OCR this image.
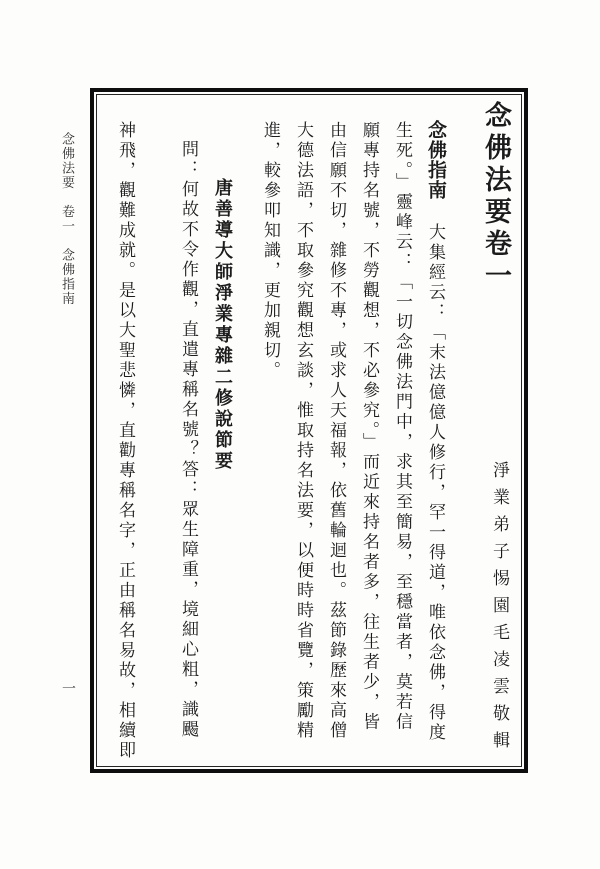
念佛法要　卷一　念佛指南
一
念佛法要卷一
淨業弟子惕園毛凌雲敬輯
念佛指南
大集經云：「末法億億人修行，罕一得道，唯依念佛，得度
生死。」靈峰云：「一切念佛法門中，求其至簡易，至穩當者，莫若信
願專持名號，不勞觀想，不必參究。」而近來持名者多，往生者少，皆
由信願不切，雜修不專，或求人天福報，依舊輪迴也。茲節錄歷來高僧
大德法語，不取參究觀想玄談，惟取持名法要，以便時時省覽，策勵精
進，較參叩知識，更加親切。
唐善導大師淨業專雜二修說節要
問：何故不令作觀，直遣專稱名號？答：眾生障重，境細心粗，識颺
神飛，觀難成就。是以大聖悲憐，直勸專稱名字，正由稱名易故，相續即
